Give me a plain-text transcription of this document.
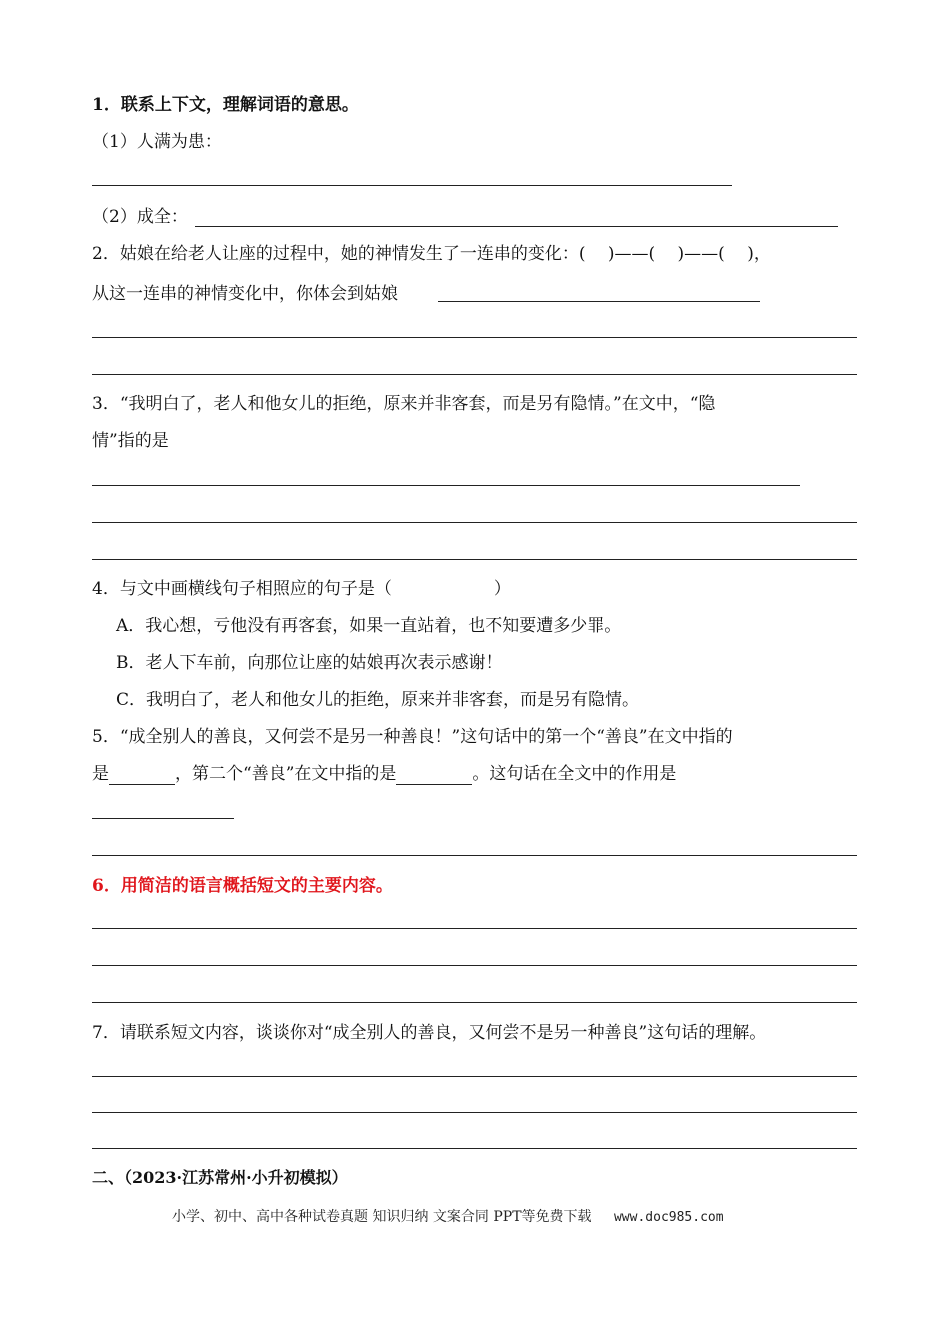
1．联系上下文，理解词语的意思。
（1）人满为患：
（2）成全：
2．姑娘在给老人让座的过程中，她的神情发生了一连串的变化：(　 )——(　 )——(　 )，
从这一连串的神情变化中，你体会到姑娘
3．“我明白了，老人和他女儿的拒绝，原来并非客套，而是另有隐情。”在文中，“隐
情”指的是
4．与文中画横线句子相照应的句子是（　　　　　　）
A．我心想，亏他没有再客套，如果一直站着，也不知要遭多少罪。
B．老人下车前，向那位让座的姑娘再次表示感谢！
C．我明白了，老人和他女儿的拒绝，原来并非客套，而是另有隐情。
5．“成全别人的善良，又何尝不是另一种善良！”这句话中的第一个“善良”在文中指的
是	，第二个“善良”在文中指的是	。这句话在全文中的作用是
6．用简洁的语言概括短文的主要内容。
7．请联系短文内容，谈谈你对“成全别人的善良，又何尝不是另一种善良”这句话的理解。
二、（2023·江苏常州·小升初模拟）
小学、初中、高中各种试卷真题 知识归纳 文案合同 PPT等免费下载 www.doc985.com
